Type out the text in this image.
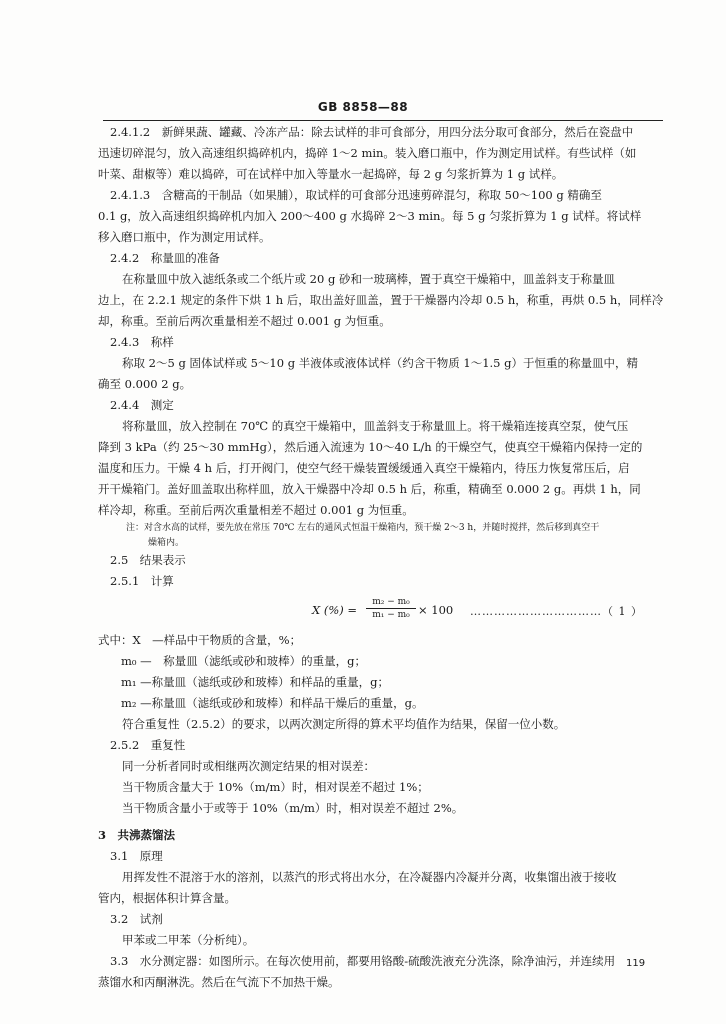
GB 8858—88

2.4.1.2　新鲜果蔬、罐藏、冷冻产品：除去试样的非可食部分，用四分法分取可食部分，然后在瓷盘中

迅速切碎混匀，放入高速组织捣碎机内，捣碎 1～2 min。装入磨口瓶中，作为测定用试样。有些试样（如

叶菜、甜椒等）难以捣碎，可在试样中加入等量水一起捣碎，每 2 g 匀浆折算为 1 g 试样。

2.4.1.3　含糖高的干制品（如果脯），取试样的可食部分迅速剪碎混匀，称取 50～100 g 精确至

0.1 g，放入高速组织捣碎机内加入 200～400 g 水捣碎 2～3 min。每 5 g 匀浆折算为 1 g 试样。将试样

移入磨口瓶中，作为测定用试样。

2.4.2　称量皿的准备

在称量皿中放入滤纸条或二个纸片或 20 g 砂和一玻璃棒，置于真空干燥箱中，皿盖斜支于称量皿

边上，在 2.2.1 规定的条件下烘 1 h 后，取出盖好皿盖，置于干燥器内冷却 0.5 h，称重，再烘 0.5 h，同样冷

却，称重。至前后两次重量相差不超过 0.001 g 为恒重。

2.4.3　称样

称取 2～5 g 固体试样或 5～10 g 半液体或液体试样（约含干物质 1～1.5 g）于恒重的称量皿中，精

确至 0.000 2 g。

2.4.4　测定

将称量皿，放入控制在 70℃ 的真空干燥箱中，皿盖斜支于称量皿上。将干燥箱连接真空泵，使气压

降到 3 kPa（约 25～30 mmHg），然后通入流速为 10～40 L/h 的干燥空气，使真空干燥箱内保持一定的

温度和压力。干燥 4 h 后，打开阀门，使空气经干燥装置缓缓通入真空干燥箱内，待压力恢复常压后，启

开干燥箱门。盖好皿盖取出称样皿，放入干燥器中冷却 0.5 h 后，称重，精确至 0.000 2 g。再烘 1 h，同

样冷却，称重。至前后两次重量相差不超过 0.001 g 为恒重。

注：对含水高的试样，要先放在常压 70℃ 左右的通风式恒温干燥箱内，预干燥 2～3 h，并随时搅拌，然后移到真空干

燥箱内。

2.5　结果表示

2.5.1　计算

X (%) = $\frac{\text{m₂ − m₀}}{\text{m₁ − m₀}} \times 100$ ……………………………（ 1 ）

式中：X　—样品中干物质的含量，%；

　　m₀ —　称量皿（滤纸或砂和玻棒）的重量，g；

　　m₁ —称量皿（滤纸或砂和玻棒）和样品的重量，g；

　　m₂ —称量皿（滤纸或砂和玻棒）和样品干燥后的重量，g。

符合重复性（2.5.2）的要求，以两次测定所得的算术平均值作为结果，保留一位小数。

2.5.2　重复性

同一分析者同时或相继两次测定结果的相对误差：

当干物质含量大于 10%（m/m）时，相对误差不超过 1%；

当干物质含量小于或等于 10%（m/m）时，相对误差不超过 2%。

3　共沸蒸馏法

3.1　原理

用挥发性不混溶于水的溶剂，以蒸汽的形式将出水分，在冷凝器内冷凝并分离，收集馏出液于接收

管内，根据体积计算含量。

3.2　试剂

甲苯或二甲苯（分析纯）。

3.3　水分测定器：如图所示。在每次使用前，都要用铬酸-硫酸洗液充分洗涤，除净油污，并连续用

蒸馏水和丙酮淋洗。然后在气流下不加热干燥。

119
